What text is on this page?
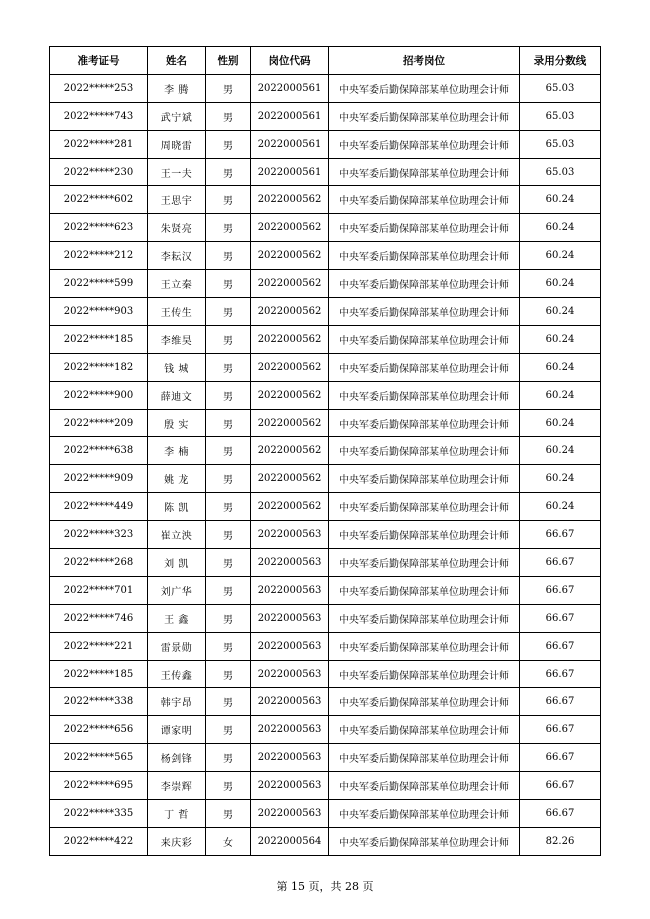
准考证号	姓名	性别	岗位代码	招考岗位	录用分数线
2022*****253	李 腾	男	2022000561	中央军委后勤保障部某单位助理会计师	65.03
2022*****743	武宁斌	男	2022000561	中央军委后勤保障部某单位助理会计师	65.03
2022*****281	周晓雷	男	2022000561	中央军委后勤保障部某单位助理会计师	65.03
2022*****230	王一夫	男	2022000561	中央军委后勤保障部某单位助理会计师	65.03
2022*****602	王思宇	男	2022000562	中央军委后勤保障部某单位助理会计师	60.24
2022*****623	朱贤亮	男	2022000562	中央军委后勤保障部某单位助理会计师	60.24
2022*****212	李耘汉	男	2022000562	中央军委后勤保障部某单位助理会计师	60.24
2022*****599	王立秦	男	2022000562	中央军委后勤保障部某单位助理会计师	60.24
2022*****903	王传生	男	2022000562	中央军委后勤保障部某单位助理会计师	60.24
2022*****185	李维昊	男	2022000562	中央军委后勤保障部某单位助理会计师	60.24
2022*****182	钱 城	男	2022000562	中央军委后勤保障部某单位助理会计师	60.24
2022*****900	薛迪文	男	2022000562	中央军委后勤保障部某单位助理会计师	60.24
2022*****209	殷 实	男	2022000562	中央军委后勤保障部某单位助理会计师	60.24
2022*****638	李 楠	男	2022000562	中央军委后勤保障部某单位助理会计师	60.24
2022*****909	姚 龙	男	2022000562	中央军委后勤保障部某单位助理会计师	60.24
2022*****449	陈 凯	男	2022000562	中央军委后勤保障部某单位助理会计师	60.24
2022*****323	崔立泱	男	2022000563	中央军委后勤保障部某单位助理会计师	66.67
2022*****268	刘 凯	男	2022000563	中央军委后勤保障部某单位助理会计师	66.67
2022*****701	刘广华	男	2022000563	中央军委后勤保障部某单位助理会计师	66.67
2022*****746	王 鑫	男	2022000563	中央军委后勤保障部某单位助理会计师	66.67
2022*****221	雷景勋	男	2022000563	中央军委后勤保障部某单位助理会计师	66.67
2022*****185	王传鑫	男	2022000563	中央军委后勤保障部某单位助理会计师	66.67
2022*****338	韩宇昂	男	2022000563	中央军委后勤保障部某单位助理会计师	66.67
2022*****656	谭家明	男	2022000563	中央军委后勤保障部某单位助理会计师	66.67
2022*****565	杨剑锋	男	2022000563	中央军委后勤保障部某单位助理会计师	66.67
2022*****695	李崇辉	男	2022000563	中央军委后勤保障部某单位助理会计师	66.67
2022*****335	丁 哲	男	2022000563	中央军委后勤保障部某单位助理会计师	66.67
2022*****422	来庆彩	女	2022000564	中央军委后勤保障部某单位助理会计师	82.26
第 15 页，共 28 页
